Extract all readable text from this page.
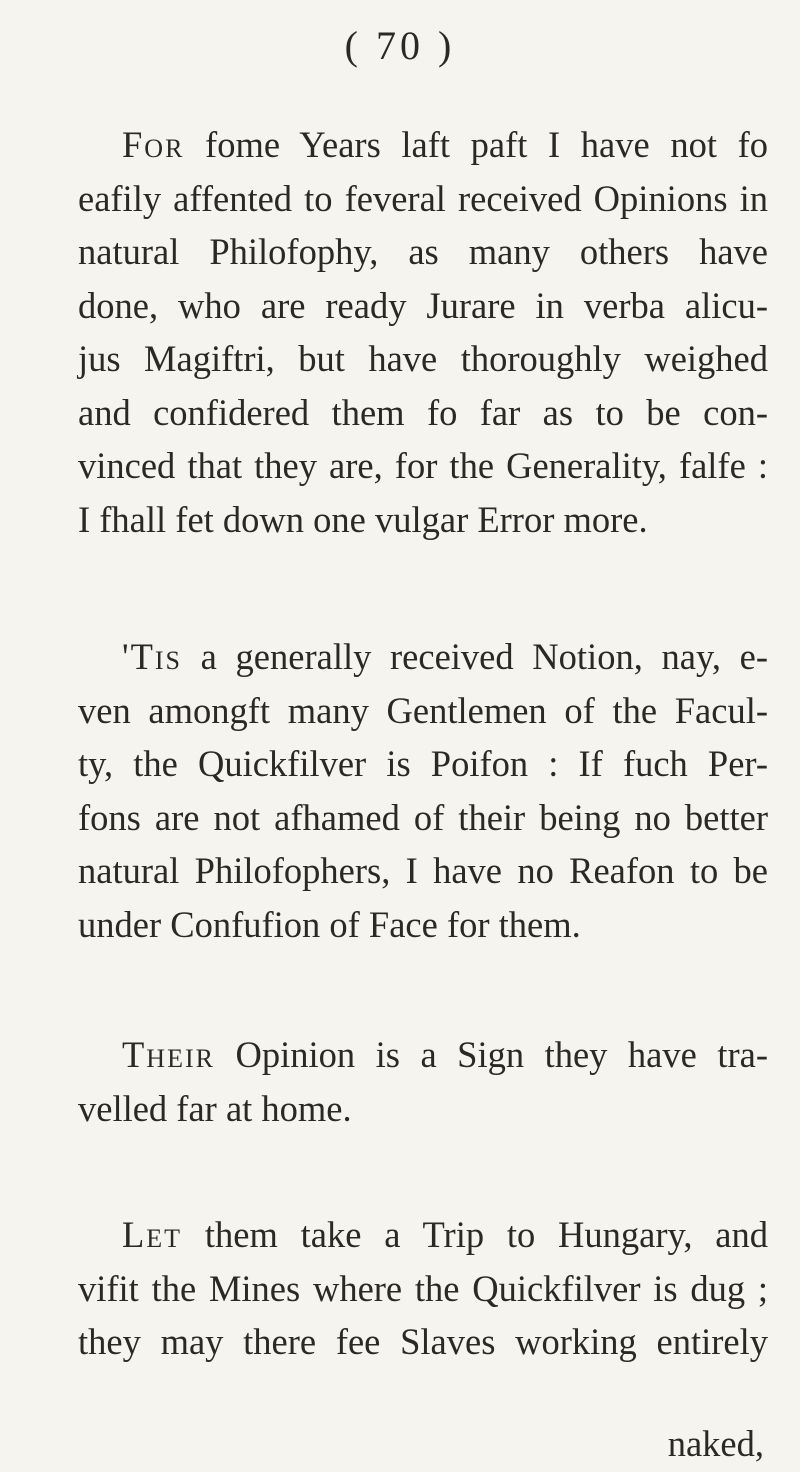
( 70 )
For fome Years laft paft I have not fo
eafily affented to feveral received Opinions in
natural Philofophy, as many others have
done, who are ready Jurare in verba alicu-
jus Magiftri, but have thoroughly weighed
and confidered them fo far as to be con-
vinced that they are, for the Generality, falfe :
I fhall fet down one vulgar Error more.
'Tis a generally received Notion, nay, e-
ven amongft many Gentlemen of the Facul-
ty, the Quickfilver is Poifon : If fuch Per-
fons are not afhamed of their being no better
natural Philofophers, I have no Reafon to be
under Confufion of Face for them.
Their Opinion is a Sign they have tra-
velled far at home.
Let them take a Trip to Hungary, and
vifit the Mines where the Quickfilver is dug ;
they may there fee Slaves working entirely
naked,
